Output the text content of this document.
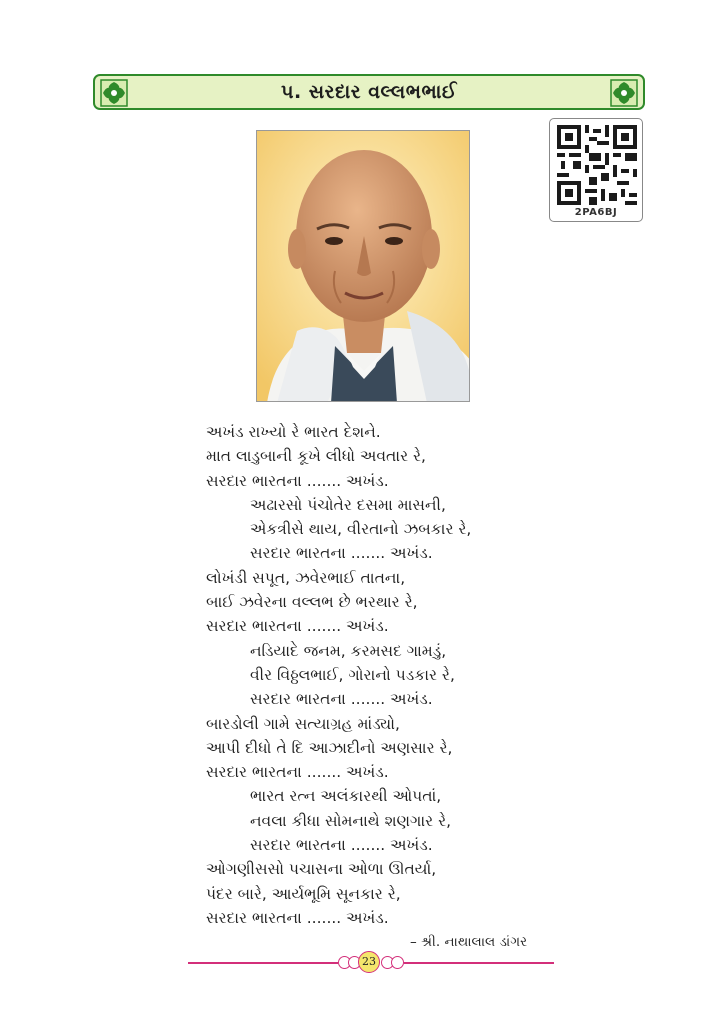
૫. સરદાર વલ્લભભાઈ
2PA6BJ
અખંડ રાખ્યો રે ભારત દેશને.
માત લાડુબાની કૂખે લીધો અવતાર રે,
સરદાર ભારતના ....... અખંડ.
અઢારસો પંચોતેર દસમા માસની,
એકત્રીસે થાય, વીરતાનો ઝબકાર રે,
સરદાર ભારતના ....... અખંડ.
લોખંડી સપૂત, ઝવેરભાઈ તાતના,
બાઈ ઝવેરના વલ્લભ છે ભરથાર રે,
સરદાર ભારતના ....... અખંડ.
નડિયાદે જનમ, કરમસદ ગામડું,
વીર વિઠ્ઠલભાઈ, ગોરાનો પડકાર રે,
સરદાર ભારતના ....... અખંડ.
બારડોલી ગામે સત્યાગ્રહ માંડ્યો,
આપી દીધો તે દિ આઝાદીનો અણસાર રે,
સરદાર ભારતના ....... અખંડ.
ભારત રત્ન અલંકારથી ઓપતાં,
નવલા કીધા સોમનાથે શણગાર રે,
સરદાર ભારતના ....... અખંડ.
ઓગણીસસો પચાસના ઓળા ઊતર્યા,
પંદર બારે, આર્યભૂમિ સૂનકાર રે,
સરદાર ભારતના ....... અખંડ.
– શ્રી. નાથાલાલ ડાંગર
23
